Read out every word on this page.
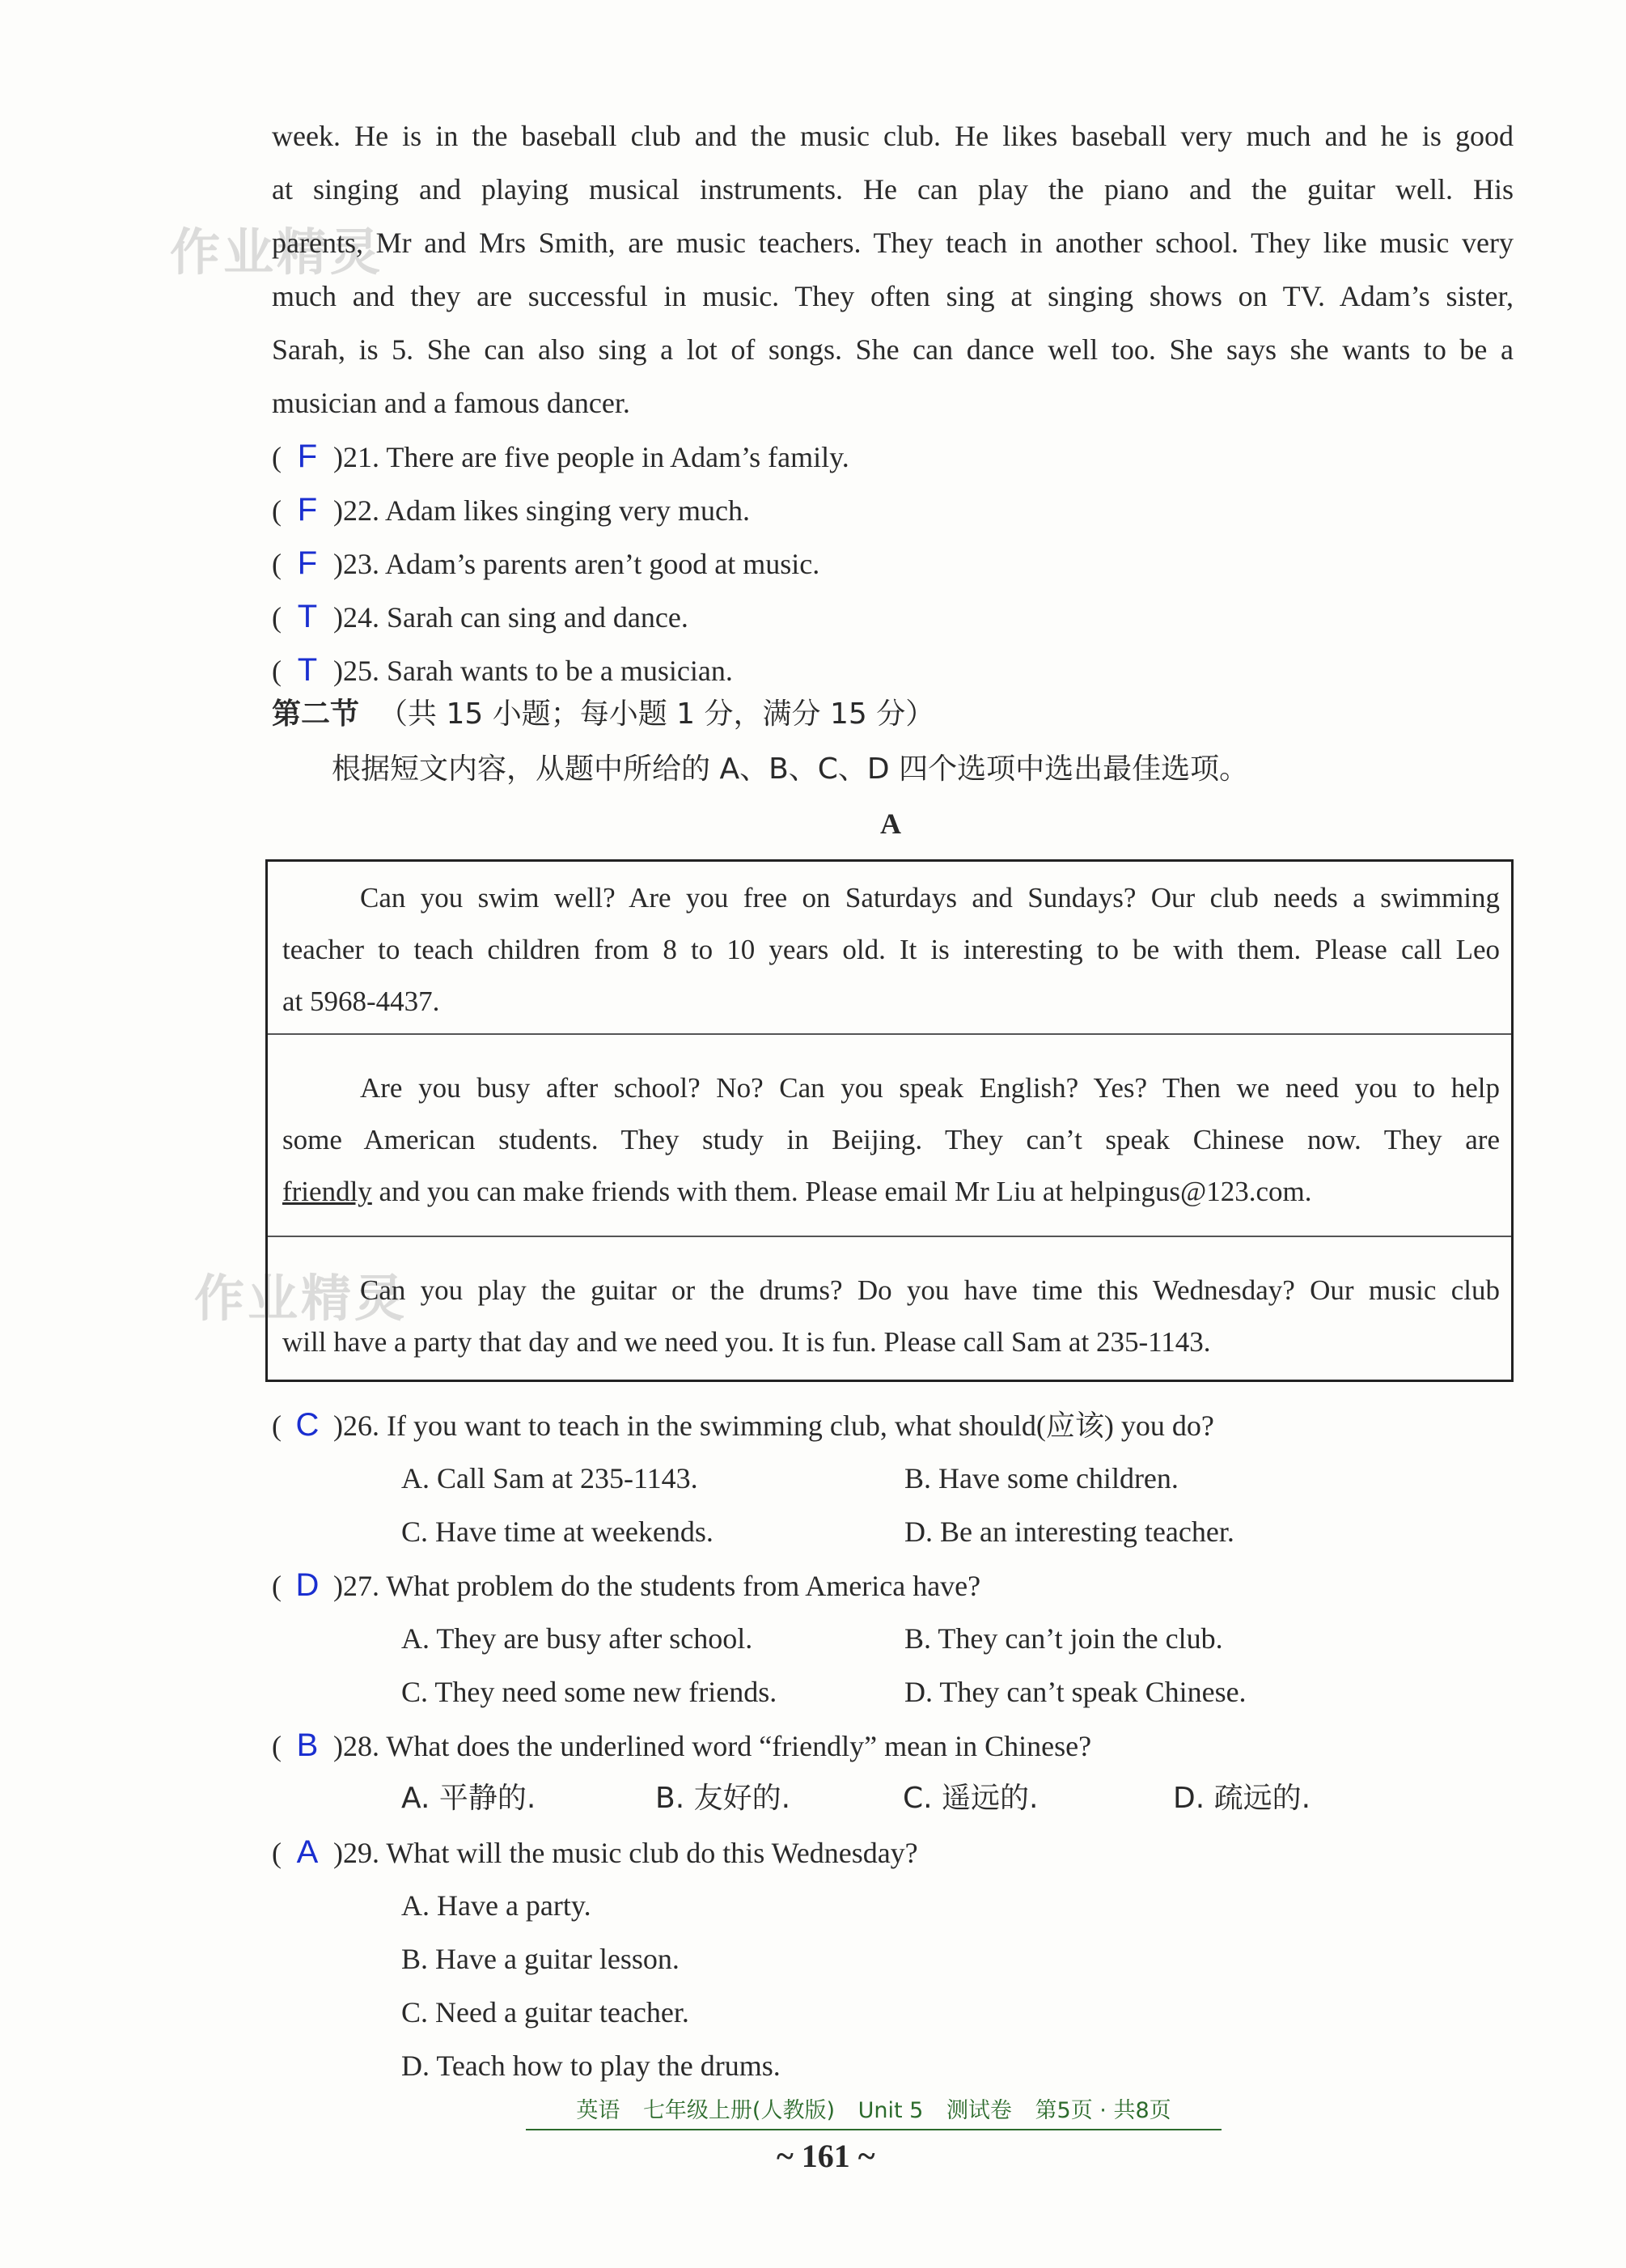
作业精灵
作业精灵
week. He is in the baseball club and the music club. He likes baseball very much and he is good
at singing and playing musical instruments. He can play the piano and the guitar well. His
parents, Mr and Mrs Smith, are music teachers. They teach in another school. They like music very
much and they are successful in music. They often sing at singing shows on TV. Adam’s sister,
Sarah, is 5. She can also sing a lot of songs. She can dance well too. She says she wants to be a
musician and a famous dancer.
( F )21. There are five people in Adam’s family.
( F )22. Adam likes singing very much.
( F )23. Adam’s parents aren’t good at music.
( T )24. Sarah can sing and dance.
( T )25. Sarah wants to be a musician.
第二节 （共 15 小题；每小题 1 分，满分 15 分）
根据短文内容，从题中所给的 A、B、C、D 四个选项中选出最佳选项。
A
Can you swim well? Are you free on Saturdays and Sundays? Our club needs a swimming
teacher to teach children from 8 to 10 years old. It is interesting to be with them. Please call Leo
at 5968-4437.
Are you busy after school? No? Can you speak English? Yes? Then we need you to help
some American students. They study in Beijing. They can’t speak Chinese now. They are
friendly and you can make friends with them. Please email Mr Liu at helpingus@123.com.
Can you play the guitar or the drums? Do you have time this Wednesday? Our music club
will have a party that day and we need you. It is fun. Please call Sam at 235-1143.
( C )26. If you want to teach in the swimming club, what should(应该) you do?
A. Call Sam at 235-1143.	B. Have some children.
C. Have time at weekends.	D. Be an interesting teacher.
( D )27. What problem do the students from America have?
A. They are busy after school.	B. They can’t join the club.
C. They need some new friends.	D. They can’t speak Chinese.
( B )28. What does the underlined word “friendly” mean in Chinese?
A. 平静的.	B. 友好的.	C. 遥远的.	D. 疏远的.
( A )29. What will the music club do this Wednesday?
A. Have a party.
B. Have a guitar lesson.
C. Need a guitar teacher.
D. Teach how to play the drums.
英语 七年级上册(人教版) Unit 5 测试卷 第5页 · 共8页
~ 161 ~
